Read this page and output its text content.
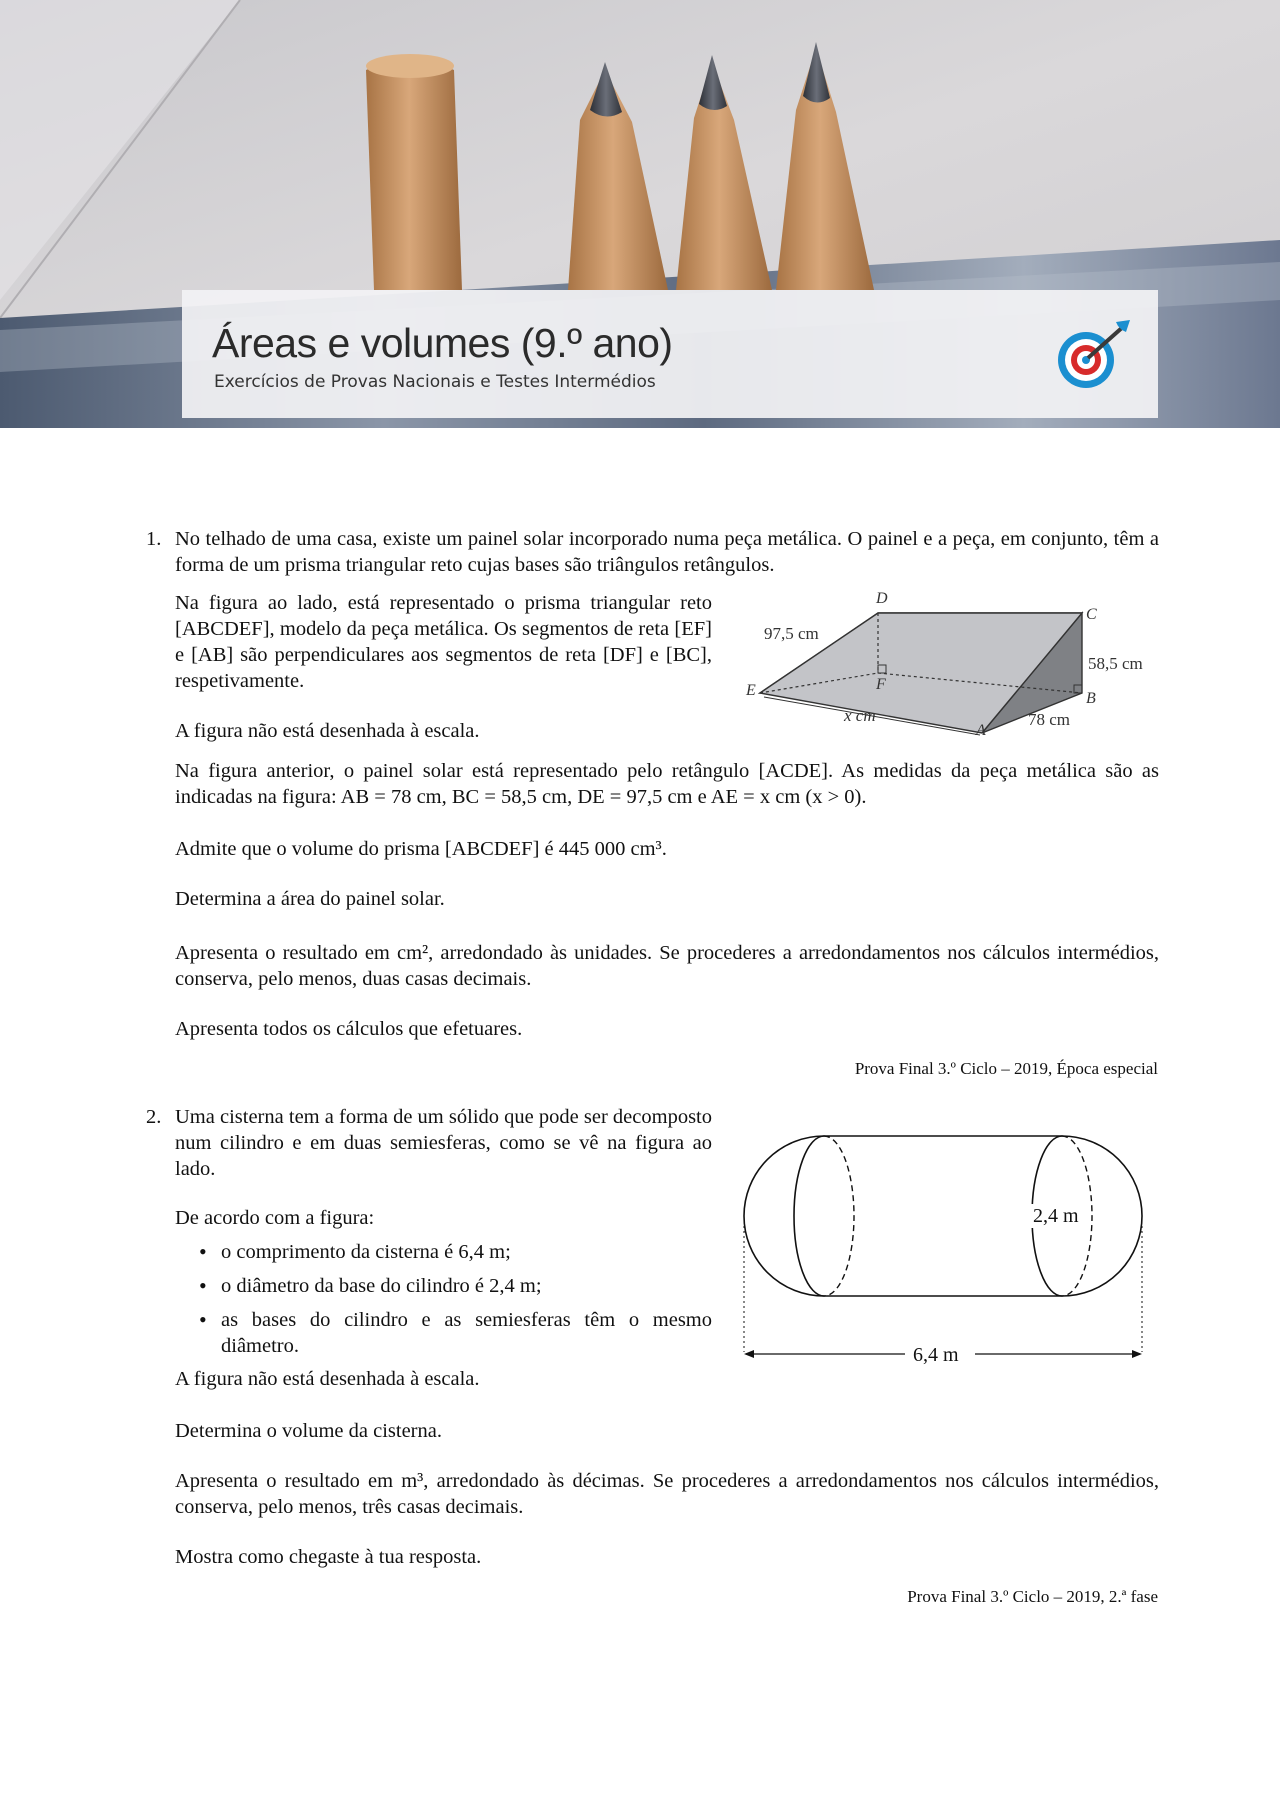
Áreas e volumes (9.º ano)
Exercícios de Provas Nacionais e Testes Intermédios
1. No telhado de uma casa, existe um painel solar incorporado numa peça metálica. O painel e a peça, em conjunto, têm a forma de um prisma triangular reto cujas bases são triângulos retângulos.
Na figura ao lado, está representado o prisma triangular reto [ABCDEF], modelo da peça metálica. Os segmentos de reta [EF] e [AB] são perpendiculares aos segmentos de reta [DF] e [BC], respetivamente.
A figura não está desenhada à escala.
D
C
E	F
B
A
97,5 cm
58,5 cm
x cm	78 cm
Na figura anterior, o painel solar está representado pelo retângulo [ACDE]. As medidas da peça metálica são as indicadas na figura: AB = 78 cm, BC = 58,5 cm, DE = 97,5 cm e AE = x cm (x > 0).
Admite que o volume do prisma [ABCDEF] é 445 000 cm³.
Determina a área do painel solar.
Apresenta o resultado em cm², arredondado às unidades. Se procederes a arredondamentos nos cálculos intermédios, conserva, pelo menos, duas casas decimais.
Apresenta todos os cálculos que efetuares.
Prova Final 3.º Ciclo – 2019, Época especial
2. Uma cisterna tem a forma de um sólido que pode ser decomposto num cilindro e em duas semiesferas, como se vê na figura ao lado.
De acordo com a figura:
• o comprimento da cisterna é 6,4 m;
• o diâmetro da base do cilindro é 2,4 m;
• as bases do cilindro e as semiesferas têm o mesmo diâmetro.
A figura não está desenhada à escala.
6,4 m
2,4 m
Determina o volume da cisterna.
Apresenta o resultado em m³, arredondado às décimas. Se procederes a arredondamentos nos cálculos intermédios, conserva, pelo menos, três casas decimais.
Mostra como chegaste à tua resposta.
Prova Final 3.º Ciclo – 2019, 2.ª fase
